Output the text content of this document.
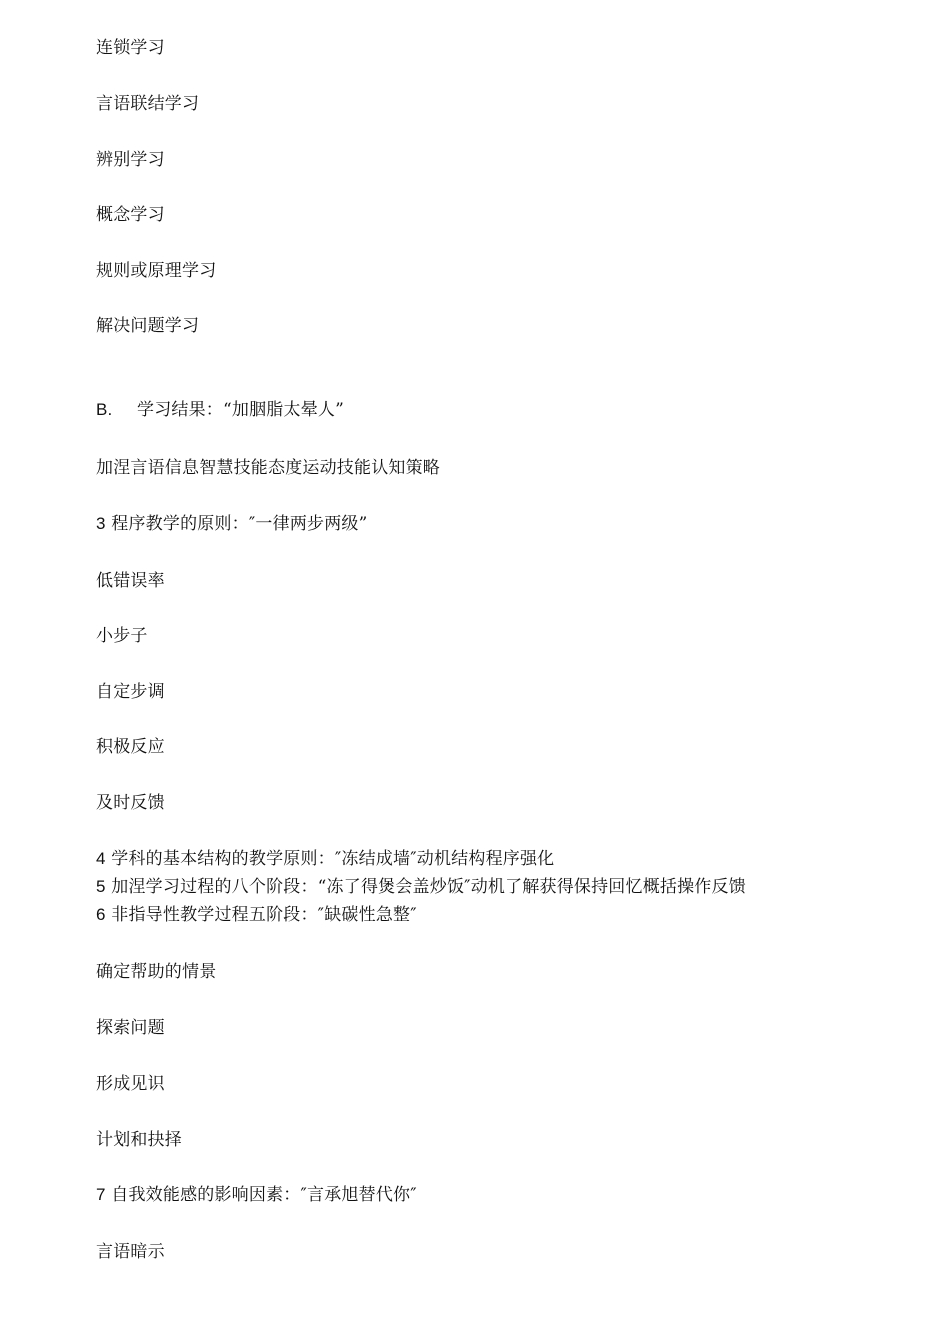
连锁学习
言语联结学习
辨别学习
概念学习
规则或原理学习
解决问题学习
B. 学习结果：“加胭脂太晕人”
加涅言语信息智慧技能态度运动技能认知策略
3 程序教学的原则：″一律两步两级”
低错误率
小步子
自定步调
积极反应
及时反馈
4 学科的基本结构的教学原则：″冻结成墙″动机结构程序强化
5 加涅学习过程的八个阶段：“冻了得煲会盖炒饭″动机了解获得保持回忆概括操作反馈
6 非指导性教学过程五阶段：″缺碳性急整″
确定帮助的情景
探索问题
形成见识
计划和抉择
7 自我效能感的影响因素：″言承旭替代你″
言语暗示
